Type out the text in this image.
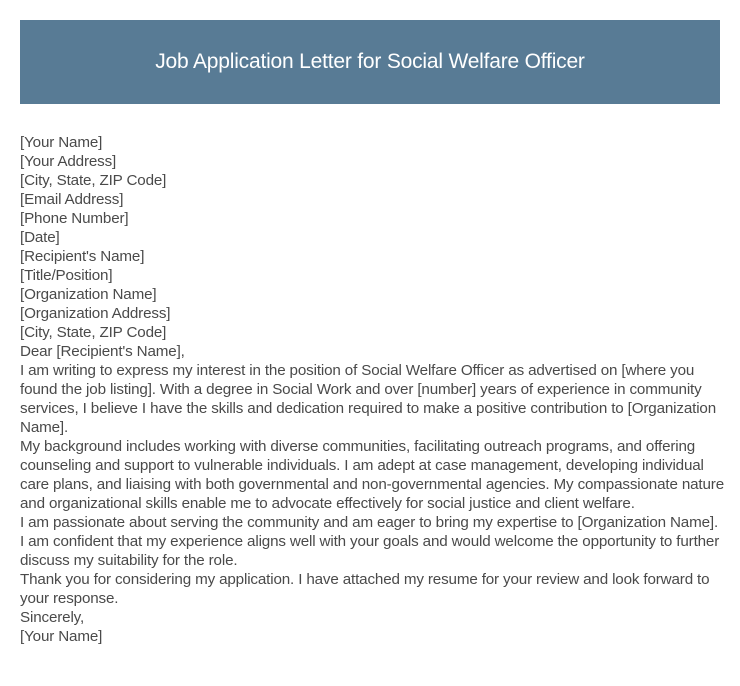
Job Application Letter for Social Welfare Officer
[Your Name]
[Your Address]
[City, State, ZIP Code]
[Email Address]
[Phone Number]
[Date]
[Recipient's Name]
[Title/Position]
[Organization Name]
[Organization Address]
[City, State, ZIP Code]
Dear [Recipient's Name],

I am writing to express my interest in the position of Social Welfare Officer as advertised on [where you found the job listing]. With a degree in Social Work and over [number] years of experience in community services, I believe I have the skills and dedication required to make a positive contribution to [Organization Name].

My background includes working with diverse communities, facilitating outreach programs, and offering counseling and support to vulnerable individuals. I am adept at case management, developing individual care plans, and liaising with both governmental and non-governmental agencies. My compassionate nature and organizational skills enable me to advocate effectively for social justice and client welfare.

I am passionate about serving the community and am eager to bring my expertise to [Organization Name]. I am confident that my experience aligns well with your goals and would welcome the opportunity to further discuss my suitability for the role.

Thank you for considering my application. I have attached my resume for your review and look forward to your response.

Sincerely,
[Your Name]
